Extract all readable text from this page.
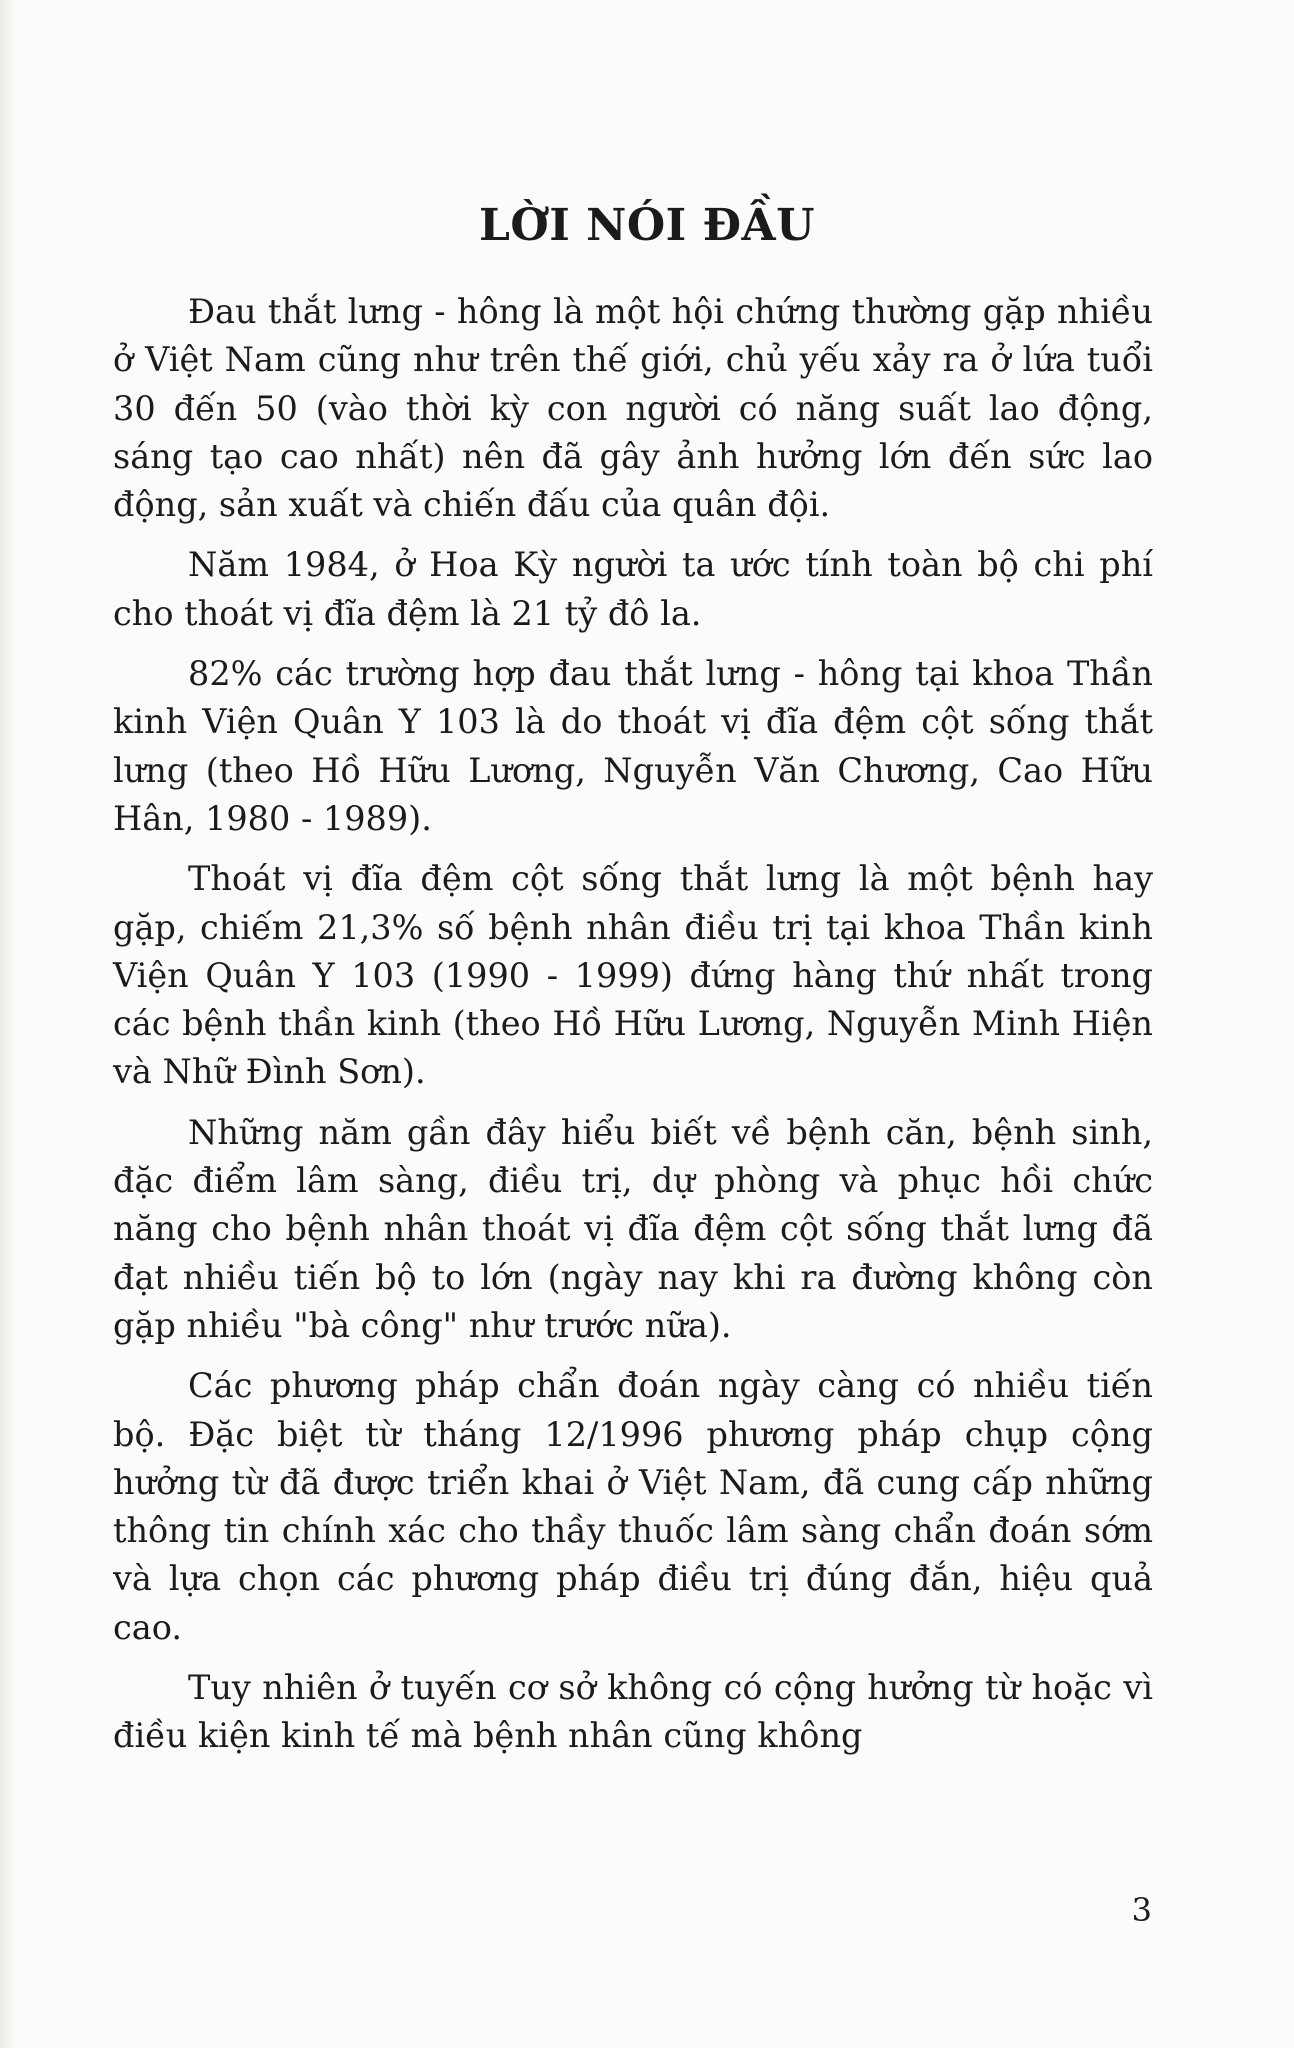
LỜI NÓI ĐẦU

Đau thắt lưng - hông là một hội chứng thường gặp nhiều ở Việt Nam cũng như trên thế giới, chủ yếu xảy ra ở lứa tuổi 30 đến 50 (vào thời kỳ con người có năng suất lao động, sáng tạo cao nhất) nên đã gây ảnh hưởng lớn đến sức lao động, sản xuất và chiến đấu của quân đội.

Năm 1984, ở Hoa Kỳ người ta ước tính toàn bộ chi phí cho thoát vị đĩa đệm là 21 tỷ đô la.

82% các trường hợp đau thắt lưng - hông tại khoa Thần kinh Viện Quân Y 103 là do thoát vị đĩa đệm cột sống thắt lưng (theo Hồ Hữu Lương, Nguyễn Văn Chương, Cao Hữu Hân, 1980 - 1989).

Thoát vị đĩa đệm cột sống thắt lưng là một bệnh hay gặp, chiếm 21,3% số bệnh nhân điều trị tại khoa Thần kinh Viện Quân Y 103 (1990 - 1999) đứng hàng thứ nhất trong các bệnh thần kinh (theo Hồ Hữu Lương, Nguyễn Minh Hiện và Nhữ Đình Sơn).

Những năm gần đây hiểu biết về bệnh căn, bệnh sinh, đặc điểm lâm sàng, điều trị, dự phòng và phục hồi chức năng cho bệnh nhân thoát vị đĩa đệm cột sống thắt lưng đã đạt nhiều tiến bộ to lớn (ngày nay khi ra đường không còn gặp nhiều "bà công" như trước nữa).

Các phương pháp chẩn đoán ngày càng có nhiều tiến bộ. Đặc biệt từ tháng 12/1996 phương pháp chụp cộng hưởng từ đã được triển khai ở Việt Nam, đã cung cấp những thông tin chính xác cho thầy thuốc lâm sàng chẩn đoán sớm và lựa chọn các phương pháp điều trị đúng đắn, hiệu quả cao.

Tuy nhiên ở tuyến cơ sở không có cộng hưởng từ hoặc vì điều kiện kinh tế mà bệnh nhân cũng không

3
